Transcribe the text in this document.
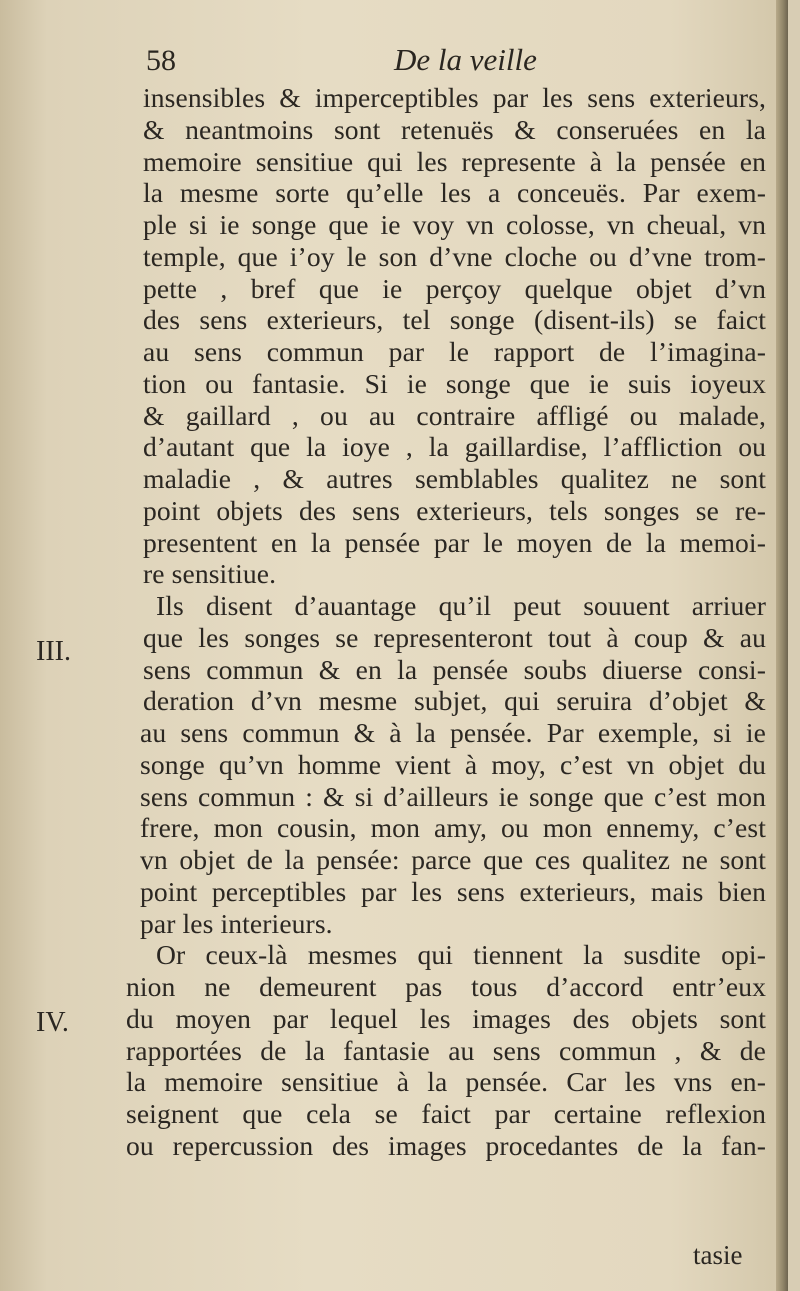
58	De la veille
III.
IV.
insensibles & imperceptibles par les sens exterieurs,
& neantmoins sont retenuës & conseruées en la
memoire sensitiue qui les represente à la pensée en
la mesme sorte qu’elle les a conceuës. Par exem-
ple si ie songe que ie voy vn colosse, vn cheual, vn
temple, que i’oy le son d’vne cloche ou d’vne trom-
pette , bref que ie perçoy quelque objet d’vn
des sens exterieurs, tel songe (disent-ils) se faict
au sens commun par le rapport de l’imagina-
tion ou fantasie. Si ie songe que ie suis ioyeux
& gaillard , ou au contraire affligé ou malade,
d’autant que la ioye , la gaillardise, l’affliction ou
maladie , & autres semblables qualitez ne sont
point objets des sens exterieurs, tels songes se re-
presentent en la pensée par le moyen de la memoi-
re sensitiue.
Ils disent d’auantage qu’il peut souuent arriuer
que les songes se representeront tout à coup & au
sens commun & en la pensée soubs diuerse consi-
deration d’vn mesme subjet, qui seruira d’objet &
au sens commun & à la pensée. Par exemple, si ie
songe qu’vn homme vient à moy, c’est vn objet du
sens commun : & si d’ailleurs ie songe que c’est mon
frere, mon cousin, mon amy, ou mon ennemy, c’est
vn objet de la pensée: parce que ces qualitez ne sont
point perceptibles par les sens exterieurs, mais bien
par les interieurs.
Or ceux-là mesmes qui tiennent la susdite opi-
nion ne demeurent pas tous d’accord entr’eux
du moyen par lequel les images des objets sont
rapportées de la fantasie au sens commun , & de
la memoire sensitiue à la pensée. Car les vns en-
seignent que cela se faict par certaine reflexion
ou repercussion des images procedantes de la fan-
tasie
